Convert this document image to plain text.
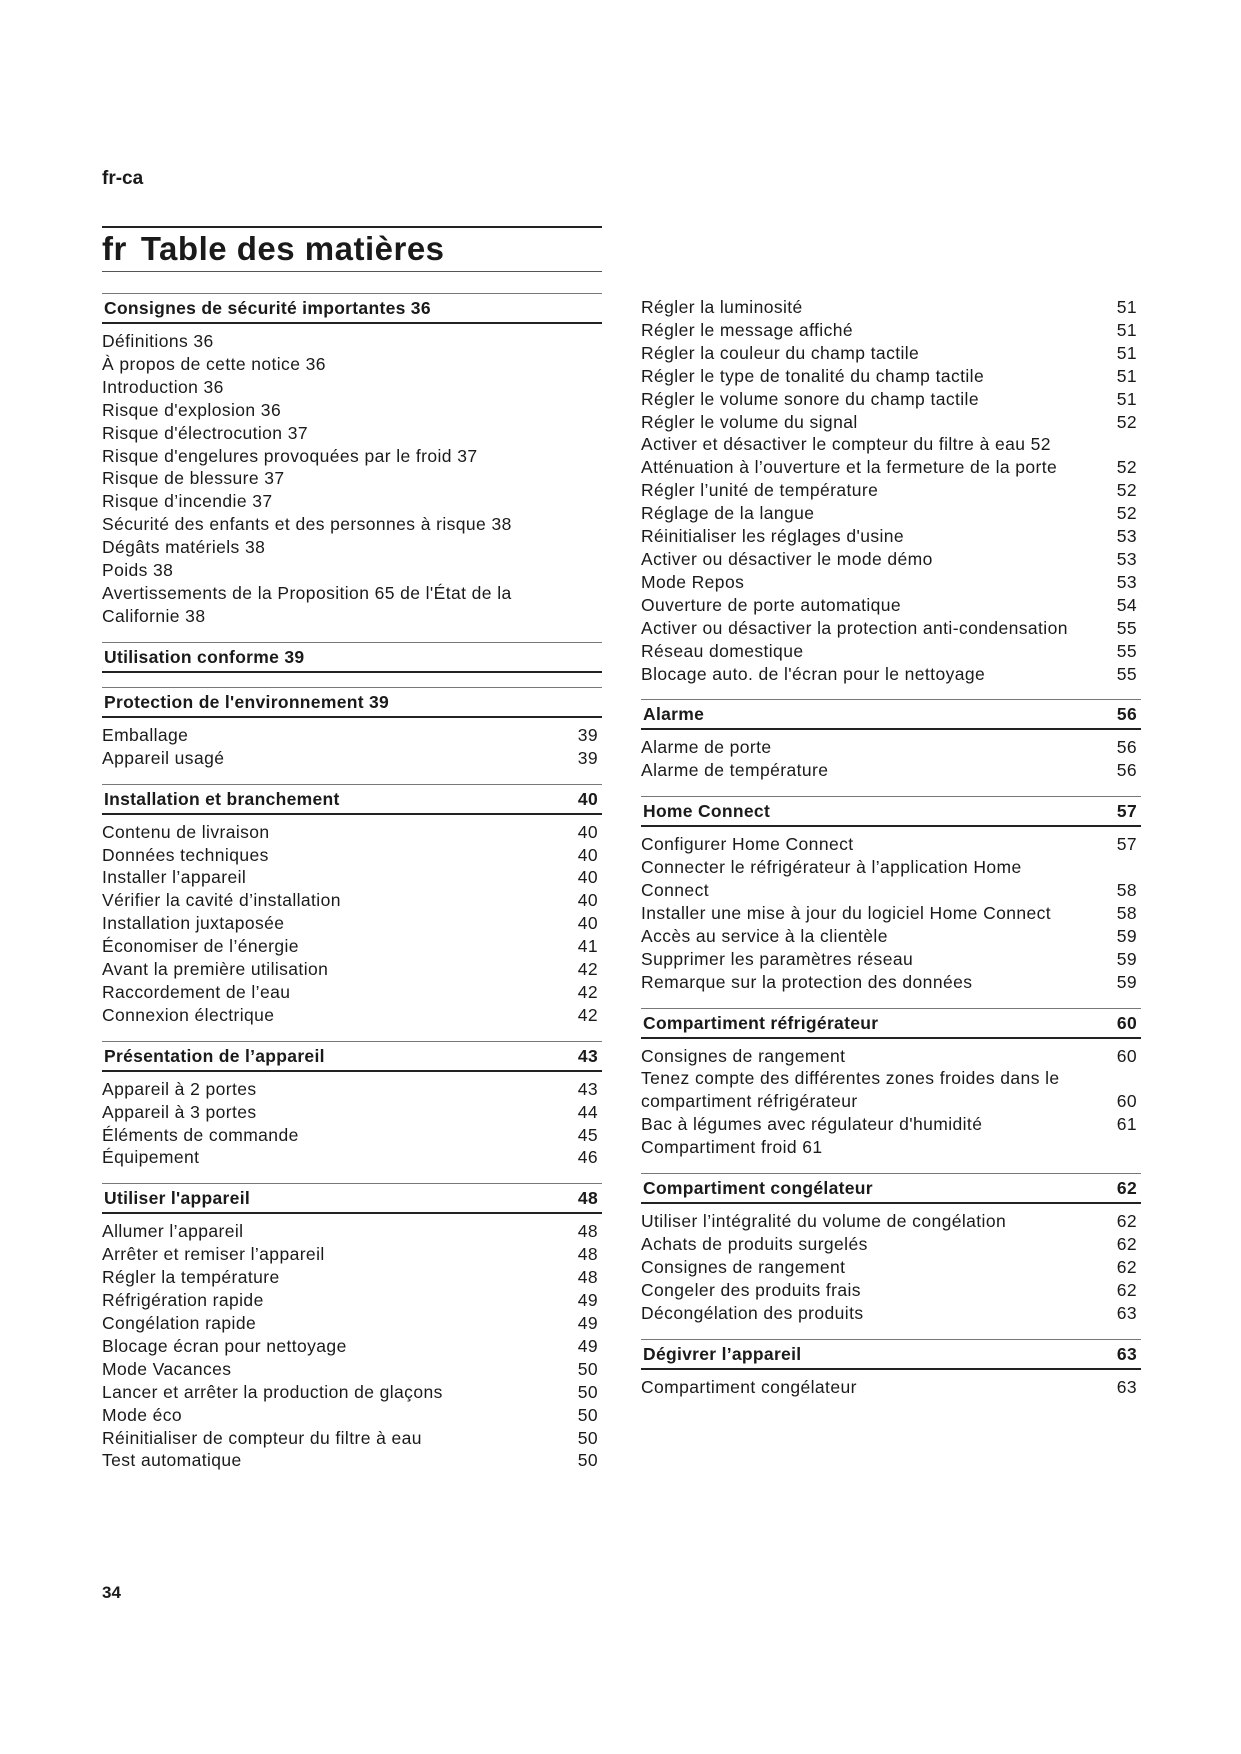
fr-ca
fr Table des matières
Consignes de sécurité importantes 36
Définitions 36
À propos de cette notice 36
Introduction 36
Risque d'explosion 36
Risque d'électrocution 37
Risque d'engelures provoquées par le froid 37
Risque de blessure 37
Risque d’incendie 37
Sécurité des enfants et des personnes à risque 38
Dégâts matériels 38
Poids 38
Avertissements de la Proposition 65 de l'État de la Californie 38
Utilisation conforme 39
Protection de l'environnement 39
Emballage	39
Appareil usagé	39
Installation et branchement	40
Contenu de livraison	40
Données techniques	40
Installer l’appareil	40
Vérifier la cavité d’installation	40
Installation juxtaposée	40
Économiser de l’énergie	41
Avant la première utilisation	42
Raccordement de l’eau	42
Connexion électrique	42
Présentation de l’appareil	43
Appareil à 2 portes	43
Appareil à 3 portes	44
Éléments de commande	45
Équipement	46
Utiliser l'appareil	48
Allumer l’appareil	48
Arrêter et remiser l’appareil	48
Régler la température	48
Réfrigération rapide	49
Congélation rapide	49
Blocage écran pour nettoyage	49
Mode Vacances	50
Lancer et arrêter la production de glaçons	50
Mode éco	50
Réinitialiser de compteur du filtre à eau	50
Test automatique	50
Régler la luminosité	51
Régler le message affiché	51
Régler la couleur du champ tactile	51
Régler le type de tonalité du champ tactile	51
Régler le volume sonore du champ tactile	51
Régler le volume du signal	52
Activer et désactiver le compteur du filtre à eau 52
Atténuation à l’ouverture et la fermeture de la porte	52
Régler l’unité de température	52
Réglage de la langue	52
Réinitialiser les réglages d'usine	53
Activer ou désactiver le mode démo	53
Mode Repos	53
Ouverture de porte automatique	54
Activer ou désactiver la protection anti-condensation	55
Réseau domestique	55
Blocage auto. de l'écran pour le nettoyage	55
Alarme	56
Alarme de porte	56
Alarme de température	56
Home Connect	57
Configurer Home Connect	57
Connecter le réfrigérateur à l’application Home Connect	58
Installer une mise à jour du logiciel Home Connect	58
Accès au service à la clientèle	59
Supprimer les paramètres réseau	59
Remarque sur la protection des données	59
Compartiment réfrigérateur	60
Consignes de rangement	60
Tenez compte des différentes zones froides dans le compartiment réfrigérateur	60
Bac à légumes avec régulateur d'humidité	61
Compartiment froid 61
Compartiment congélateur	62
Utiliser l’intégralité du volume de congélation	62
Achats de produits surgelés	62
Consignes de rangement	62
Congeler des produits frais	62
Décongélation des produits	63
Dégivrer l’appareil	63
Compartiment congélateur	63
34
